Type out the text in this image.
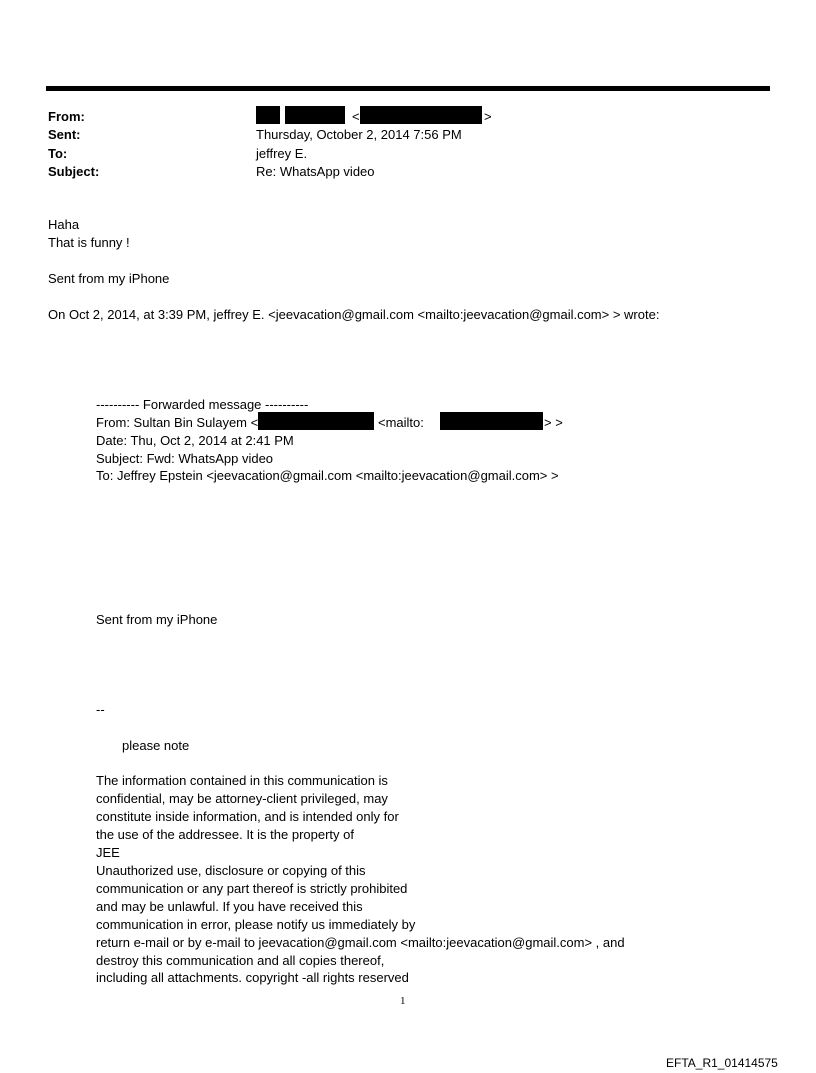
From:	<	>
Sent:	Thursday, October 2, 2014 7:56 PM
To:	jeffrey E.
Subject:	Re: WhatsApp video
Haha
That is funny !
Sent from my iPhone
On Oct 2, 2014, at 3:39 PM, jeffrey E. <jeevacation@gmail.com <mailto:jeevacation@gmail.com> > wrote:
---------- Forwarded message ----------
From: Sultan Bin Sulayem <	<mailto:	> >
Date: Thu, Oct 2, 2014 at 2:41 PM
Subject: Fwd: WhatsApp video
To: Jeffrey Epstein <jeevacation@gmail.com <mailto:jeevacation@gmail.com> >
Sent from my iPhone
--
please note
The information contained in this communication is
confidential, may be attorney-client privileged, may
constitute inside information, and is intended only for
the use of the addressee. It is the property of
JEE
Unauthorized use, disclosure or copying of this
communication or any part thereof is strictly prohibited
and may be unlawful. If you have received this
communication in error, please notify us immediately by
return e-mail or by e-mail to jeevacation@gmail.com <mailto:jeevacation@gmail.com> , and
destroy this communication and all copies thereof,
including all attachments. copyright -all rights reserved
1
EFTA_R1_01414575
